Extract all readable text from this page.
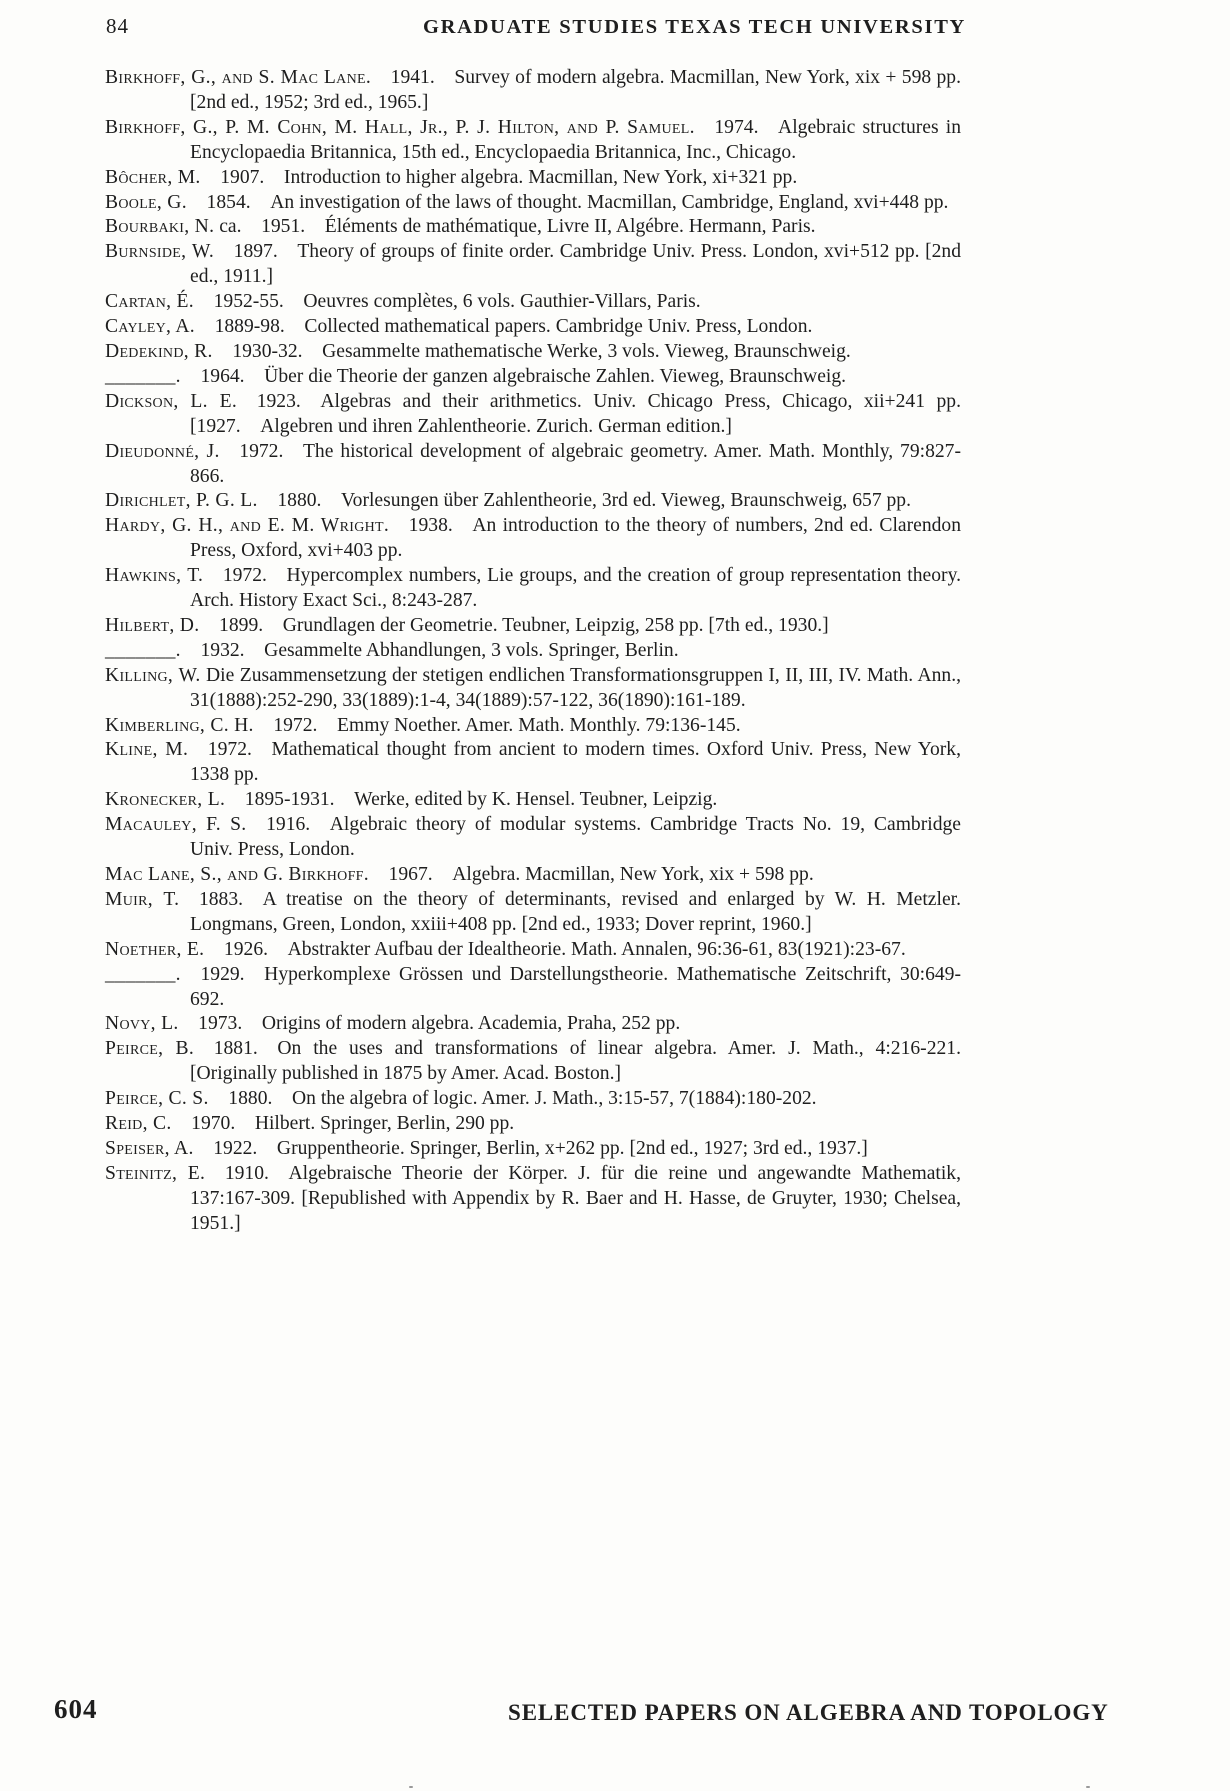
84	GRADUATE STUDIES TEXAS TECH UNIVERSITY

Birkhoff, G., and S. Mac Lane.  1941.  Survey of modern algebra. Macmillan, New York, xix + 598 pp. [2nd ed., 1952; 3rd ed., 1965.]

Birkhoff, G., P. M. Cohn, M. Hall, Jr., P. J. Hilton, and P. Samuel.  1974.  Algebraic structures in Encyclopaedia Britannica, 15th ed., Encyclopaedia Britannica, Inc., Chicago.

Bôcher, M.  1907.  Introduction to higher algebra. Macmillan, New York, xi+321 pp.

Boole, G.  1854.  An investigation of the laws of thought. Macmillan, Cambridge, England, xvi+448 pp.

Bourbaki, N. ca.  1951.  Éléments de mathématique, Livre II, Algébre. Hermann, Paris.

Burnside, W.  1897.  Theory of groups of finite order. Cambridge Univ. Press. London, xvi+512 pp. [2nd ed., 1911.]

Cartan, É.  1952-55.  Oeuvres complètes, 6 vols. Gauthier-Villars, Paris.

Cayley, A.  1889-98.  Collected mathematical papers. Cambridge Univ. Press, London.

Dedekind, R.  1930-32.  Gesammelte mathematische Werke, 3 vols. Vieweg, Braunschweig.

_______.  1964.  Über die Theorie der ganzen algebraische Zahlen. Vieweg, Braunschweig.

Dickson, L. E.  1923.  Algebras and their arithmetics. Univ. Chicago Press, Chicago, xii+241 pp. [1927.  Algebren und ihren Zahlentheorie. Zurich. German edition.]

Dieudonné, J.  1972.  The historical development of algebraic geometry. Amer. Math. Monthly, 79:827-866.

Dirichlet, P. G. L.  1880.  Vorlesungen über Zahlentheorie, 3rd ed. Vieweg, Braunschweig, 657 pp.

Hardy, G. H., and E. M. Wright.  1938.  An introduction to the theory of numbers, 2nd ed. Clarendon Press, Oxford, xvi+403 pp.

Hawkins, T.  1972.  Hypercomplex numbers, Lie groups, and the creation of group representation theory. Arch. History Exact Sci., 8:243-287.

Hilbert, D.  1899.  Grundlagen der Geometrie. Teubner, Leipzig, 258 pp. [7th ed., 1930.]

_______.  1932.  Gesammelte Abhandlungen, 3 vols. Springer, Berlin.

Killing, W. Die Zusammensetzung der stetigen endlichen Transformationsgruppen I, II, III, IV. Math. Ann., 31(1888):252-290, 33(1889):1-4, 34(1889):57-122, 36(1890):161-189.

Kimberling, C. H.  1972.  Emmy Noether. Amer. Math. Monthly. 79:136-145.

Kline, M.  1972.  Mathematical thought from ancient to modern times. Oxford Univ. Press, New York, 1338 pp.

Kronecker, L.  1895-1931.  Werke, edited by K. Hensel. Teubner, Leipzig.

Macauley, F. S.  1916.  Algebraic theory of modular systems. Cambridge Tracts No. 19, Cambridge Univ. Press, London.

Mac Lane, S., and G. Birkhoff.  1967.  Algebra. Macmillan, New York, xix + 598 pp.

Muir, T.  1883.  A treatise on the theory of determinants, revised and enlarged by W. H. Metzler. Longmans, Green, London, xxiii+408 pp. [2nd ed., 1933; Dover reprint, 1960.]

Noether, E.  1926.  Abstrakter Aufbau der Idealtheorie. Math. Annalen, 96:36-61, 83(1921):23-67.

_______.  1929.  Hyperkomplexe Grössen und Darstellungstheorie. Mathematische Zeitschrift, 30:649-692.

Novy, L.  1973.  Origins of modern algebra. Academia, Praha, 252 pp.

Peirce, B.  1881.  On the uses and transformations of linear algebra. Amer. J. Math., 4:216-221. [Originally published in 1875 by Amer. Acad. Boston.]

Peirce, C. S.  1880.  On the algebra of logic. Amer. J. Math., 3:15-57, 7(1884):180-202.

Reid, C.  1970.  Hilbert. Springer, Berlin, 290 pp.

Speiser, A.  1922.  Gruppentheorie. Springer, Berlin, x+262 pp. [2nd ed., 1927; 3rd ed., 1937.]

Steinitz, E.  1910.  Algebraische Theorie der Körper. J. für die reine und angewandte Mathematik, 137:167-309. [Republished with Appendix by R. Baer and H. Hasse, de Gruyter, 1930; Chelsea, 1951.]

604	SELECTED PAPERS ON ALGEBRA AND TOPOLOGY
